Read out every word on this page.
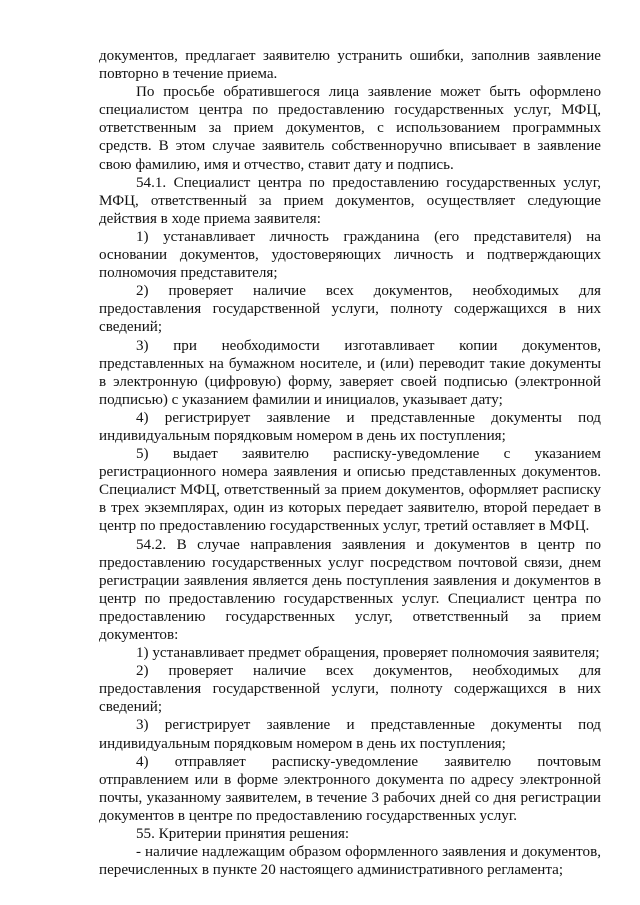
документов, предлагает заявителю устранить ошибки, заполнив заявление повторно в течение приема.

По просьбе обратившегося лица заявление может быть оформлено специалистом центра по предоставлению государственных услуг, МФЦ, ответственным за прием документов, с использованием программных средств. В этом случае заявитель собственноручно вписывает в заявление свою фамилию, имя и отчество, ставит дату и подпись.

54.1. Специалист центра по предоставлению государственных услуг, МФЦ, ответственный за прием документов, осуществляет следующие действия в ходе приема заявителя:

1) устанавливает личность гражданина (его представителя) на основании документов, удостоверяющих личность и подтверждающих полномочия представителя;

2) проверяет наличие всех документов, необходимых для предоставления государственной услуги, полноту содержащихся в них сведений;

3) при необходимости изготавливает копии документов, представленных на бумажном носителе, и (или) переводит такие документы в электронную (цифровую) форму, заверяет своей подписью (электронной подписью) с указанием фамилии и инициалов, указывает дату;

4) регистрирует заявление и представленные документы под индивидуальным порядковым номером в день их поступления;

5) выдает заявителю расписку-уведомление с указанием регистрационного номера заявления и описью представленных документов. Специалист МФЦ, ответственный за прием документов, оформляет расписку в трех экземплярах, один из которых передает заявителю, второй передает в центр по предоставлению государственных услуг, третий оставляет в МФЦ.

54.2. В случае направления заявления и документов в центр по предоставлению государственных услуг посредством почтовой связи, днем регистрации заявления является день поступления заявления и документов в центр по предоставлению государственных услуг. Специалист центра по предоставлению государственных услуг, ответственный за прием документов:

1) устанавливает предмет обращения, проверяет полномочия заявителя;

2) проверяет наличие всех документов, необходимых для предоставления государственной услуги, полноту содержащихся в них сведений;

3) регистрирует заявление и представленные документы под индивидуальным порядковым номером в день их поступления;

4) отправляет расписку-уведомление заявителю почтовым отправлением или в форме электронного документа по адресу электронной почты, указанному заявителем, в течение 3 рабочих дней со дня регистрации документов в центре по предоставлению государственных услуг.

55. Критерии принятия решения:

- наличие надлежащим образом оформленного заявления и документов, перечисленных в пункте 20 настоящего административного регламента;
